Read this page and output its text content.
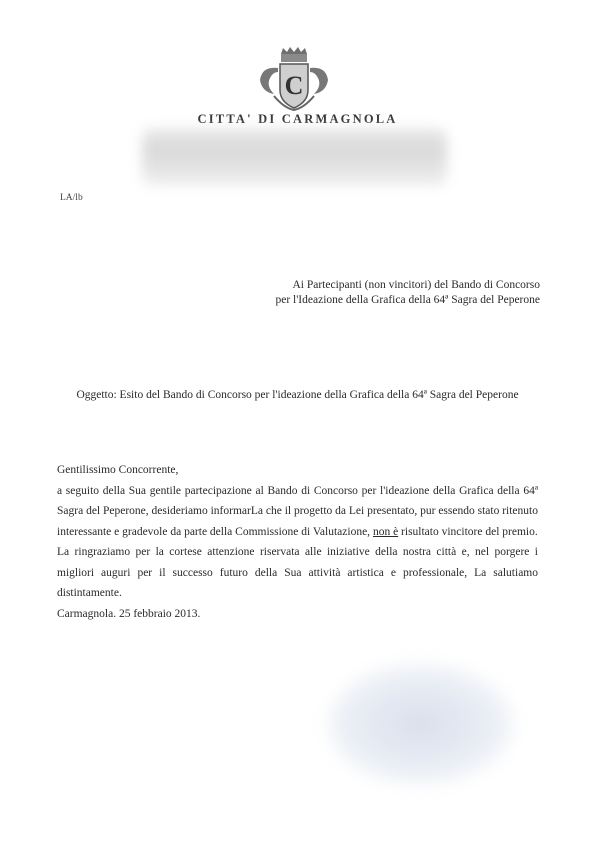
C
CITTA' DI CARMAGNOLA
LA/lb
Ai Partecipanti (non vincitori) del Bando di Concorso
per l'Ideazione della Grafica della 64ª Sagra del Peperone
Oggetto: Esito del Bando di Concorso per l'ideazione della Grafica della 64ª Sagra del Peperone

Gentilissimo Concorrente,

a seguito della Sua gentile partecipazione al Bando di Concorso per l'ideazione della Grafica della 64ª Sagra del Peperone, desideriamo informarLa che il progetto da Lei presentato, pur essendo stato ritenuto interessante e gradevole da parte della Commissione di Valutazione, non è risultato vincitore del premio.

La ringraziamo per la cortese attenzione riservata alle iniziative della nostra città e, nel porgere i migliori auguri per il successo futuro della Sua attività artistica e professionale, La salutiamo distintamente.

Carmagnola. 25 febbraio 2013.
